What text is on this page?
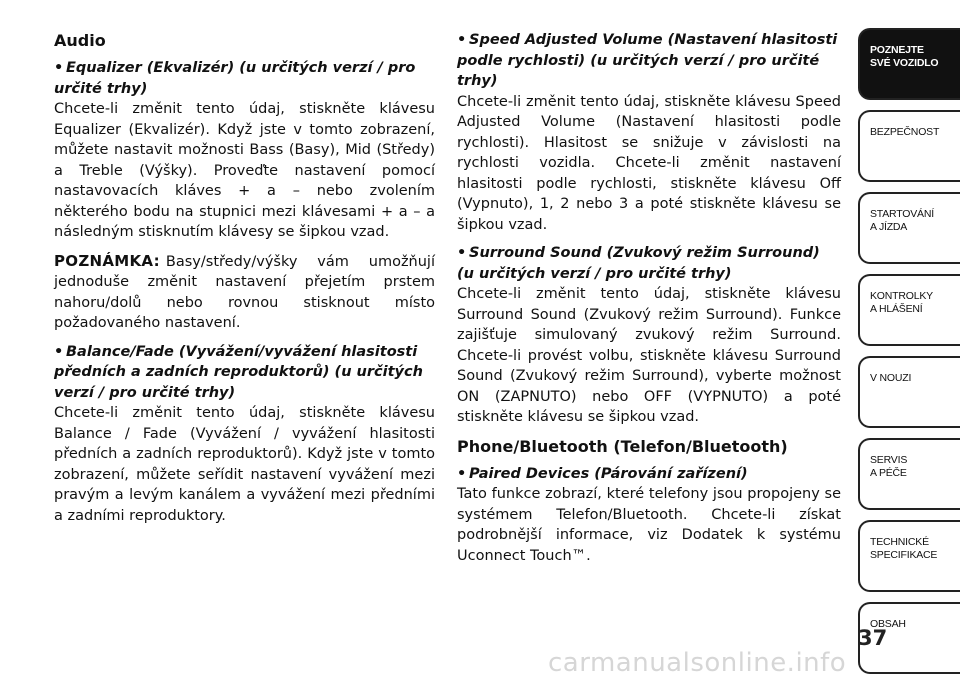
Audio

• Equalizer (Ekvalizér) (u určitých verzí / pro

určité trhy)

Chcete-li změnit tento údaj, stiskněte klávesu Equalizer (Ekvalizér). Když jste v tomto zobrazení, můžete nastavit možnosti Bass (Basy), Mid (Středy) a Treble (Výšky). Proveďte nastavení pomocí nastavovacích kláves + a – nebo zvolením některého bodu na stupnici mezi klávesami + a – a následným stisknutím klávesy se šipkou vzad.

POZNÁMKA: Basy/středy/výšky vám umožňují jednoduše změnit nastavení přejetím prstem nahoru/dolů nebo rovnou stisknout místo požadovaného nastavení.

• Balance/Fade (Vyvážení/vyvážení hlasitosti

předních a zadních reproduktorů) (u určitých

verzí / pro určité trhy)

Chcete-li změnit tento údaj, stiskněte klávesu Balance / Fade (Vyvážení / vyvážení hlasitosti předních a zadních reproduktorů). Když jste v tomto zobrazení, můžete seřídit nastavení vyvážení mezi pravým a levým kanálem a vyvážení mezi předními a zadními reproduktory.

• Speed Adjusted Volume (Nastavení hlasitosti

podle rychlosti) (u určitých verzí / pro určité trhy)

Chcete-li změnit tento údaj, stiskněte klávesu Speed Adjusted Volume (Nastavení hlasitosti podle rychlosti). Hlasitost se snižuje v závislosti na rychlosti vozidla. Chcete-li změnit nastavení hlasitosti podle rychlosti, stiskněte klávesu Off (Vypnuto), 1, 2 nebo 3 a poté stiskněte klávesu se šipkou vzad.

• Surround Sound (Zvukový režim Surround)

(u určitých verzí / pro určité trhy)

Chcete-li změnit tento údaj, stiskněte klávesu Surround Sound (Zvukový režim Surround). Funkce zajišťuje simulovaný zvukový režim Surround. Chcete-li provést volbu, stiskněte klávesu Surround Sound (Zvukový režim Surround), vyberte možnost ON (ZAPNUTO) nebo OFF (VYPNUTO) a poté stiskněte klávesu se šipkou vzad.

Phone/Bluetooth (Telefon/Bluetooth)

• Paired Devices (Párování zařízení)

Tato funkce zobrazí, které telefony jsou propojeny se systémem Telefon/Bluetooth. Chcete-li získat podrobnější informace, viz Dodatek k systému Uconnect Touch™.

POZNEJTE
SVÉ VOZIDLO
BEZPEČNOST
STARTOVÁNÍ
A JÍZDA
KONTROLKY
A HLÁŠENÍ
V NOUZI
SERVIS
A PÉČE
TECHNICKÉ
SPECIFIKACE
OBSAH
37
carmanualsonline.info
